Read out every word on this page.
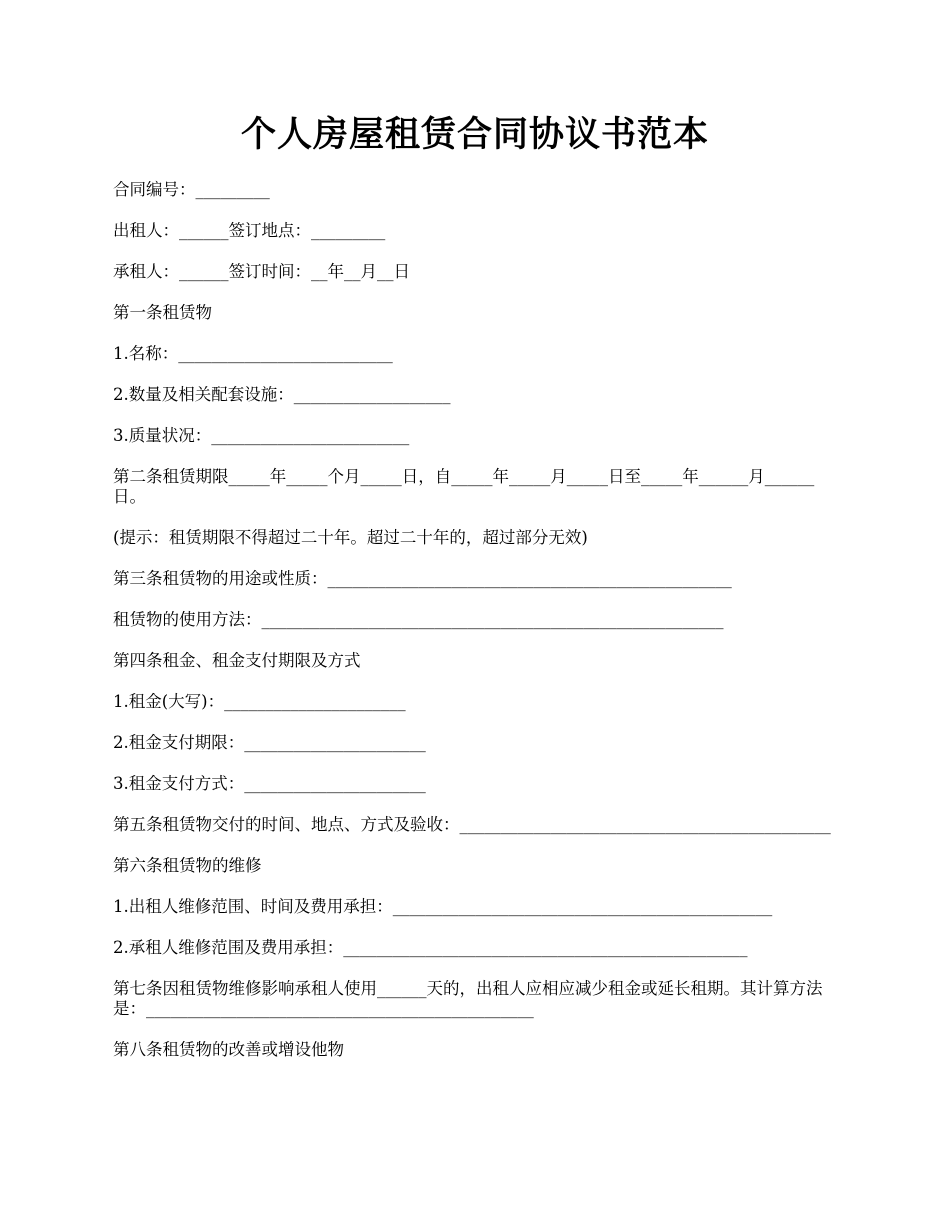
个人房屋租赁合同协议书范本
合同编号：_________
出租人：______签订地点：_________
承租人：______签订时间：__年__月__日
第一条租赁物
1.名称：__________________________
2.数量及相关配套设施：___________________
3.质量状况：________________________
第二条租赁期限_____年_____个月_____日，自_____年_____月_____日至_____年______月______日。
(提示：租赁期限不得超过二十年。超过二十年的，超过部分无效)
第三条租赁物的用途或性质：_________________________________________________
租赁物的使用方法：________________________________________________________
第四条租金、租金支付期限及方式
1.租金(大写)：______________________
2.租金支付期限：______________________
3.租金支付方式：______________________
第五条租赁物交付的时间、地点、方式及验收：_____________________________________________
第六条租赁物的维修
1.出租人维修范围、时间及费用承担：______________________________________________
2.承租人维修范围及费用承担：_________________________________________________
第七条因租赁物维修影响承租人使用______天的，出租人应相应减少租金或延长租期。其计算方法是：_______________________________________________
第八条租赁物的改善或增设他物
